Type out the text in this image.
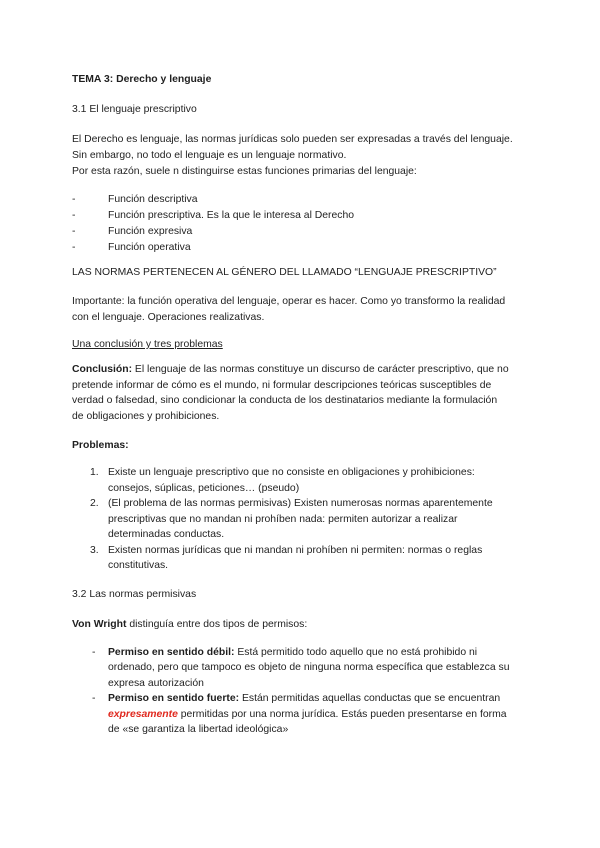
TEMA 3: Derecho y lenguaje

3.1 El lenguaje prescriptivo

El Derecho es lenguaje, las normas jurídicas solo pueden ser expresadas a través del lenguaje.

Sin embargo, no todo el lenguaje es un lenguaje normativo.

Por esta razón, suele n distinguirse estas funciones primarias del lenguaje:

-	Función descriptiva
-	Función prescriptiva. Es la que le interesa al Derecho
-	Función expresiva
-	Función operativa

LAS NORMAS PERTENECEN AL GÉNERO DEL LLAMADO “LENGUAJE PRESCRIPTIVO”

Importante: la función operativa del lenguaje, operar es hacer. Como yo transformo la realidad

con el lenguaje. Operaciones realizativas.

Una conclusión y tres problemas

Conclusión: El lenguaje de las normas constituye un discurso de carácter prescriptivo, que no

pretende informar de cómo es el mundo, ni formular descripciones teóricas susceptibles de

verdad o falsedad, sino condicionar la conducta de los destinatarios mediante la formulación

de obligaciones y prohibiciones.

Problemas:

1. Existe un lenguaje prescriptivo que no consiste en obligaciones y prohibiciones:

consejos, súplicas, peticiones… (pseudo)

2. (El problema de las normas permisivas) Existen numerosas normas aparentemente

prescriptivas que no mandan ni prohíben nada: permiten autorizar a realizar

determinadas conductas.

3. Existen normas jurídicas que ni mandan ni prohíben ni permiten: normas o reglas

constitutivas.

3.2 Las normas permisivas

Von Wright distinguía entre dos tipos de permisos:

- Permiso en sentido débil: Está permitido todo aquello que no está prohibido ni

ordenado, pero que tampoco es objeto de ninguna norma específica que establezca su

expresa autorización

- Permiso en sentido fuerte: Están permitidas aquellas conductas que se encuentran

expresamente permitidas por una norma jurídica. Estás pueden presentarse en forma

de «se garantiza la libertad ideológica»
